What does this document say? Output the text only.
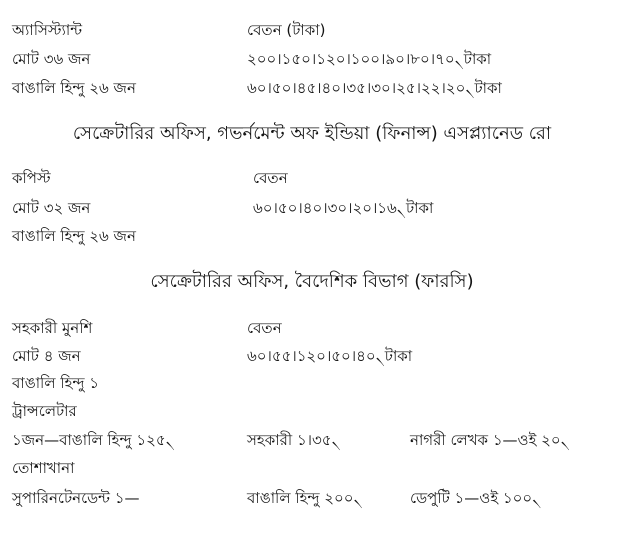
অ্যাসিস্ট্যান্ট	বেতন (টাকা)
মোট ৩৬ জন	২০০।১৫০।১২০।১০০।৯০।৮০।৭০৲টাকা
বাঙালি হিন্দু ২৬ জন	৬০।৫০।৪৫।৪০।৩৫।৩০।২৫।২২।২০৲টাকা
সেক্রেটারির অফিস, গভর্নমেন্ট অফ ইন্ডিয়া (ফিনান্স) এসপ্ল্যানেড রো
কপিস্ট	বেতন
মোট ৩২ জন	৬০।৫০।৪০।৩০।২০।১৬৲টাকা
বাঙালি হিন্দু ২৬ জন
সেক্রেটারির অফিস, বৈদেশিক বিভাগ (ফারসি)
সহকারী মুনশি	বেতন
মোট ৪ জন	৬০।৫৫।১২০।৫০।৪০৲টাকা
বাঙালি হিন্দু ১
ট্রান্সলেটার
১জন—বাঙালি হিন্দু ১২৫৲	সহকারী ১।৩৫৲	নাগরী লেখক ১—ওই ২০৲
তোশাখানা
সুপারিনটেনডেন্ট ১—	বাঙালি হিন্দু ২০০৲	ডেপুটি ১—ওই ১০০৲
